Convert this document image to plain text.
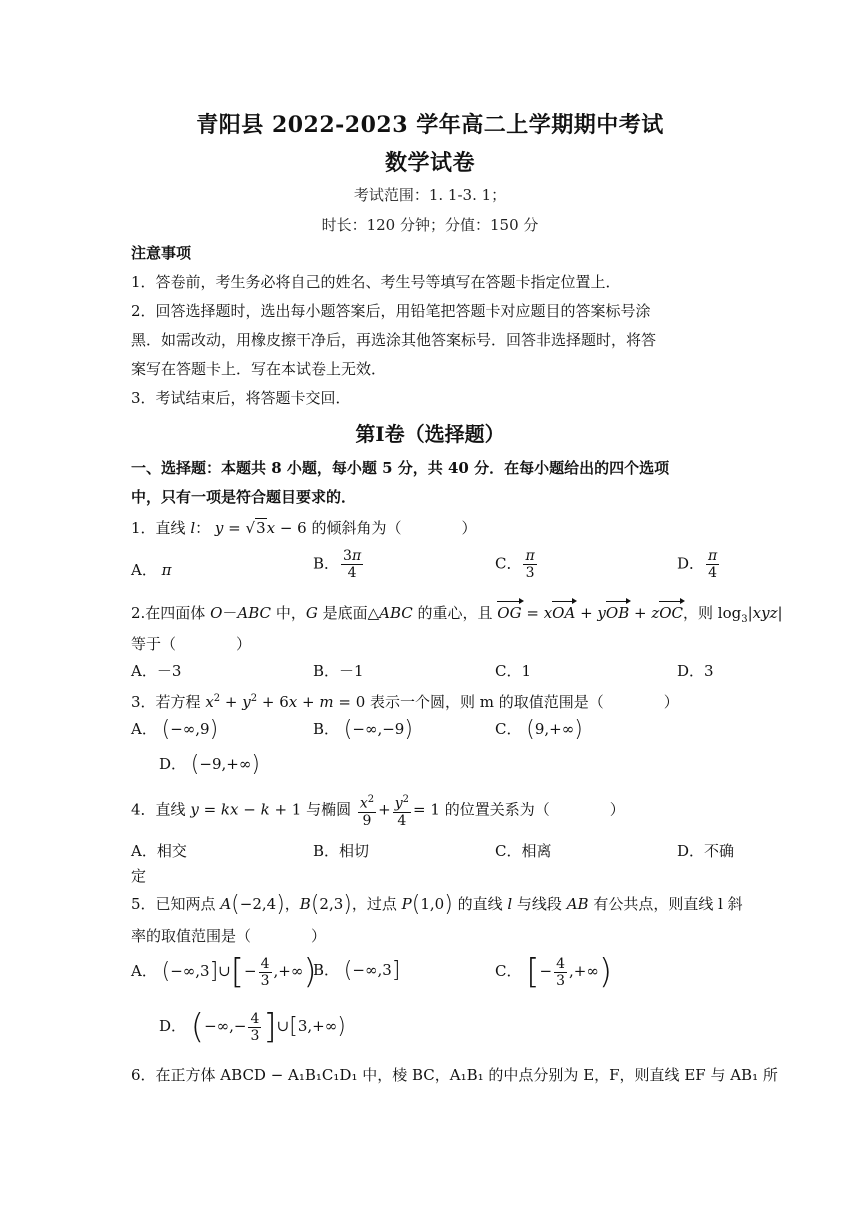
青阳县 2022-2023 学年高二上学期期中考试
数学试卷
考试范围：1. 1-3. 1；
时长：120 分钟；分值：150 分
注意事项
1．答卷前，考生务必将自己的姓名、考生号等填写在答题卡指定位置上．
2．回答选择题时，选出每小题答案后，用铅笔把答题卡对应题目的答案标号涂
黑．如需改动，用橡皮擦干净后，再选涂其他答案标号．回答非选择题时，将答
案写在答题卡上．写在本试卷上无效．
3．考试结束后，将答题卡交回．
第Ⅰ卷（选择题）
一、选择题：本题共 8 小题，每小题 5 分，共 40 分．在每小题给出的四个选项
中，只有一项是符合题目要求的．
1．直线 l： y = √3x − 6 的倾斜角为（　　　　）
A． π	B． $\frac{3\pi}{4}$	C． $\frac{\pi}{3}$	D． $\frac{\pi}{4}$
2.在四面体 O－ABC 中，G 是底面△ABC 的重心，且 OG = xOA + yOB + zOC，则 $\log_3|xyz|$
等于（　　　　）
A．－3	B．－1	C．1	D．3
3．若方程 $x^2 + y^2 + 6x + m = 0$ 表示一个圆，则 m 的取值范围是（　　　　）
A． (−∞,9)	B． (−∞,−9)	C． (9,+∞)
D． (−9,+∞)
4．直线 y = kx − k + 1 与椭圆 $\frac{x^2}{9} + \frac{y^2}{4} = 1$ 的位置关系为（　　　　）
A．相交	B．相切	C．相离	D．不确
定
5．已知两点 A(−2,4)，B(2,3)，过点 P(1,0) 的直线 l 与线段 AB 有公共点，则直线 l 斜
率的取值范围是（　　　　）
A． (−∞,3]∪[− $\frac{4}{3}$ ,+∞)
B． (−∞,3]	C． [− $\frac{4}{3}$ ,+∞)
D． (−∞,− $\frac{4}{3}$ ]∪[3,+∞)
6．在正方体 ABCD − A₁B₁C₁D₁ 中，棱 BC，A₁B₁ 的中点分别为 E，F，则直线 EF 与 AB₁ 所
